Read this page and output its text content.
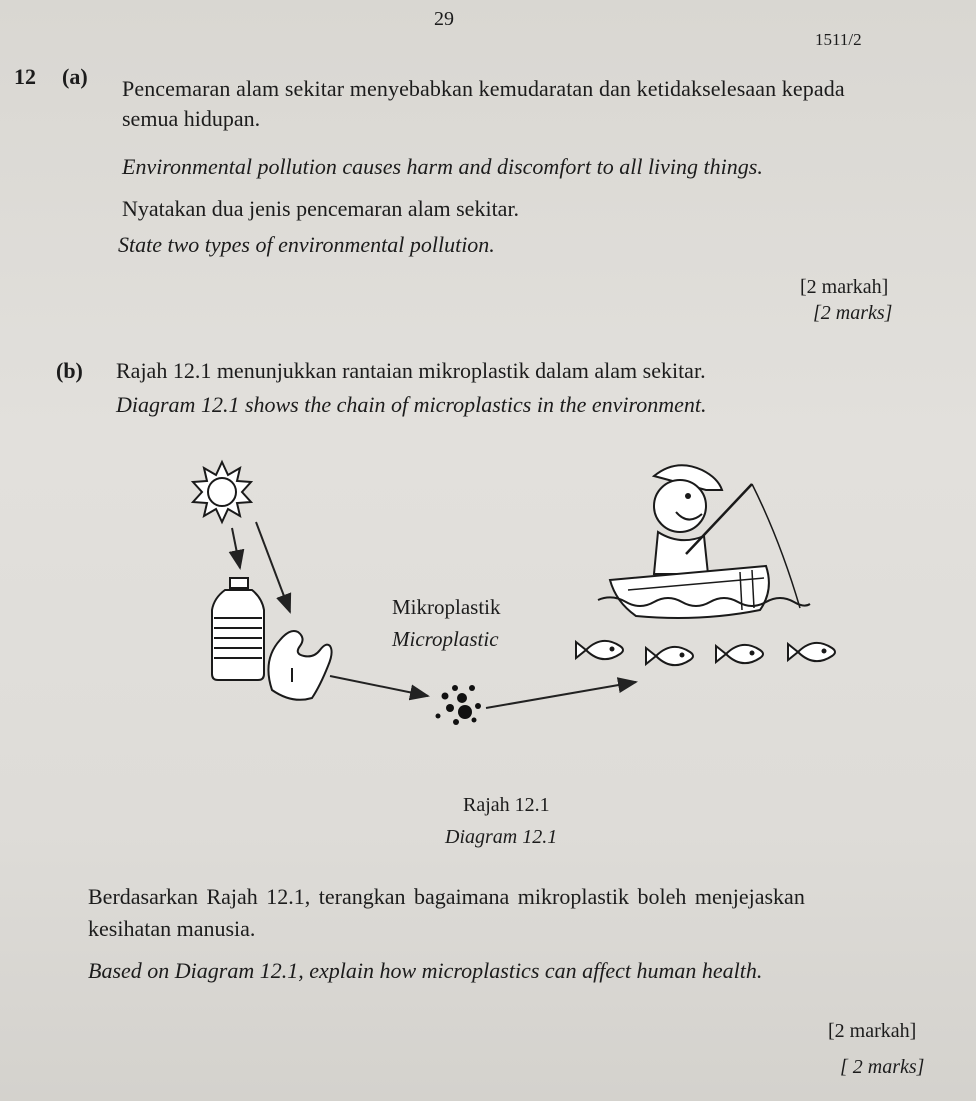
29
1511/2
12 (a) Pencemaran alam sekitar menyebabkan kemudaratan dan ketidakselesaan kepada
semua hidupan.
Environmental pollution causes harm and discomfort to all living things.
Nyatakan dua jenis pencemaran alam sekitar.
State two types of environmental pollution.
[2 markah]
[2 marks]
(b) Rajah 12.1 menunjukkan rantaian mikroplastik dalam alam sekitar.
Diagram 12.1 shows the chain of microplastics in the environment.
Mikroplastik
Microplastic
Rajah 12.1
Diagram 12.1
Berdasarkan Rajah 12.1, terangkan bagaimana mikroplastik boleh menjejaskan
kesihatan manusia.
Based on Diagram 12.1, explain how microplastics can affect human health.
[2 markah]
[ 2 marks]
